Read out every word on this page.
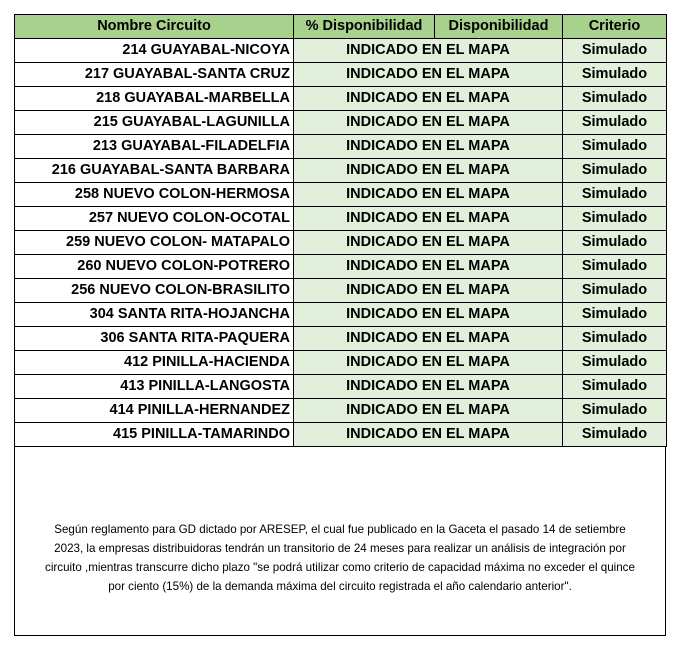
Nombre Circuito	% Disponibilidad	Disponibilidad	Criterio
214 GUAYABAL-NICOYA	INDICADO EN EL MAPA		Simulado
217 GUAYABAL-SANTA CRUZ	INDICADO EN EL MAPA		Simulado
218 GUAYABAL-MARBELLA	INDICADO EN EL MAPA		Simulado
215 GUAYABAL-LAGUNILLA	INDICADO EN EL MAPA		Simulado
213 GUAYABAL-FILADELFIA	INDICADO EN EL MAPA		Simulado
216 GUAYABAL-SANTA BARBARA	INDICADO EN EL MAPA		Simulado
258 NUEVO COLON-HERMOSA	INDICADO EN EL MAPA		Simulado
257 NUEVO COLON-OCOTAL	INDICADO EN EL MAPA		Simulado
259 NUEVO COLON- MATAPALO	INDICADO EN EL MAPA		Simulado
260 NUEVO COLON-POTRERO	INDICADO EN EL MAPA		Simulado
256 NUEVO COLON-BRASILITO	INDICADO EN EL MAPA		Simulado
304 SANTA RITA-HOJANCHA	INDICADO EN EL MAPA		Simulado
306 SANTA RITA-PAQUERA	INDICADO EN EL MAPA		Simulado
412 PINILLA-HACIENDA	INDICADO EN EL MAPA		Simulado
413 PINILLA-LANGOSTA	INDICADO EN EL MAPA		Simulado
414 PINILLA-HERNANDEZ	INDICADO EN EL MAPA		Simulado
415 PINILLA-TAMARINDO	INDICADO EN EL MAPA		Simulado
Según reglamento para GD dictado por ARESEP, el cual fue publicado en la Gaceta el pasado 14 de setiembre
2023, la empresas distribuidoras tendrán un transitorio de 24 meses para realizar un análisis de integración por
circuito ,mientras transcurre dicho plazo "se podrá utilizar como criterio de capacidad máxima no exceder el quince
por ciento (15%) de la demanda máxima del circuito registrada el año calendario anterior".
